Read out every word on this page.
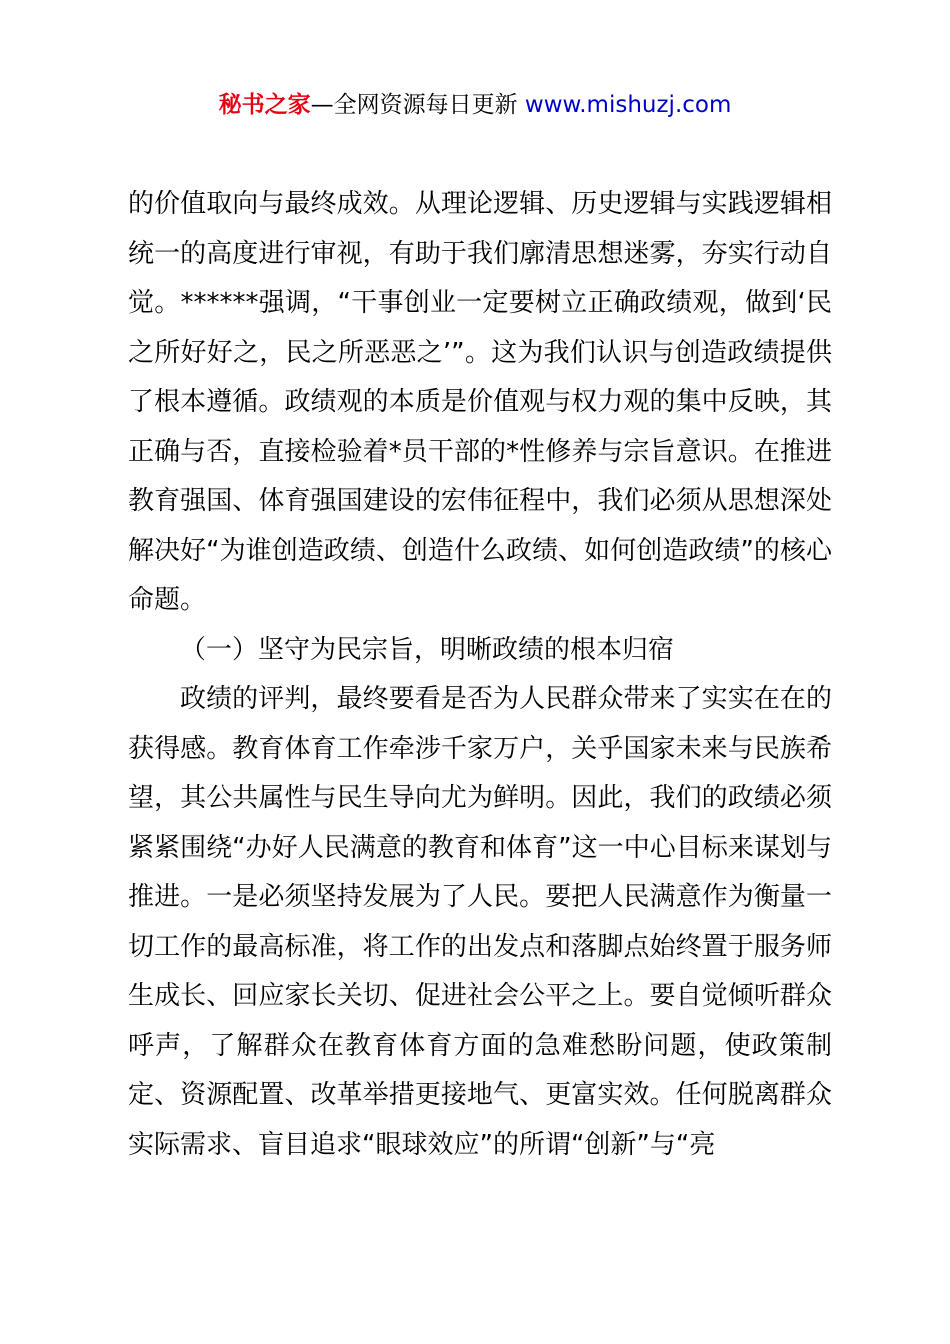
秘书之家—全网资源每日更新 www.mishuzj.com

的价值取向与最终成效。从理论逻辑、历史逻辑与实践逻辑相统一的高度进行审视，有助于我们廓清思想迷雾，夯实行动自觉。******强调，“干事创业一定要树立正确政绩观，做到‘民之所好好之，民之所恶恶之’”。这为我们认识与创造政绩提供了根本遵循。政绩观的本质是价值观与权力观的集中反映，其正确与否，直接检验着*员干部的*性修养与宗旨意识。在推进教育强国、体育强国建设的宏伟征程中，我们必须从思想深处解决好“为谁创造政绩、创造什么政绩、如何创造政绩”的核心命题。

（一）坚守为民宗旨，明晰政绩的根本归宿

政绩的评判，最终要看是否为人民群众带来了实实在在的获得感。教育体育工作牵涉千家万户，关乎国家未来与民族希望，其公共属性与民生导向尤为鲜明。因此，我们的政绩必须紧紧围绕“办好人民满意的教育和体育”这一中心目标来谋划与推进。一是必须坚持发展为了人民。要把人民满意作为衡量一切工作的最高标准，将工作的出发点和落脚点始终置于服务师生成长、回应家长关切、促进社会公平之上。要自觉倾听群众呼声，了解群众在教育体育方面的急难愁盼问题，使政策制定、资源配置、改革举措更接地气、更富实效。任何脱离群众实际需求、盲目追求“眼球效应”的所谓“创新”与“亮
